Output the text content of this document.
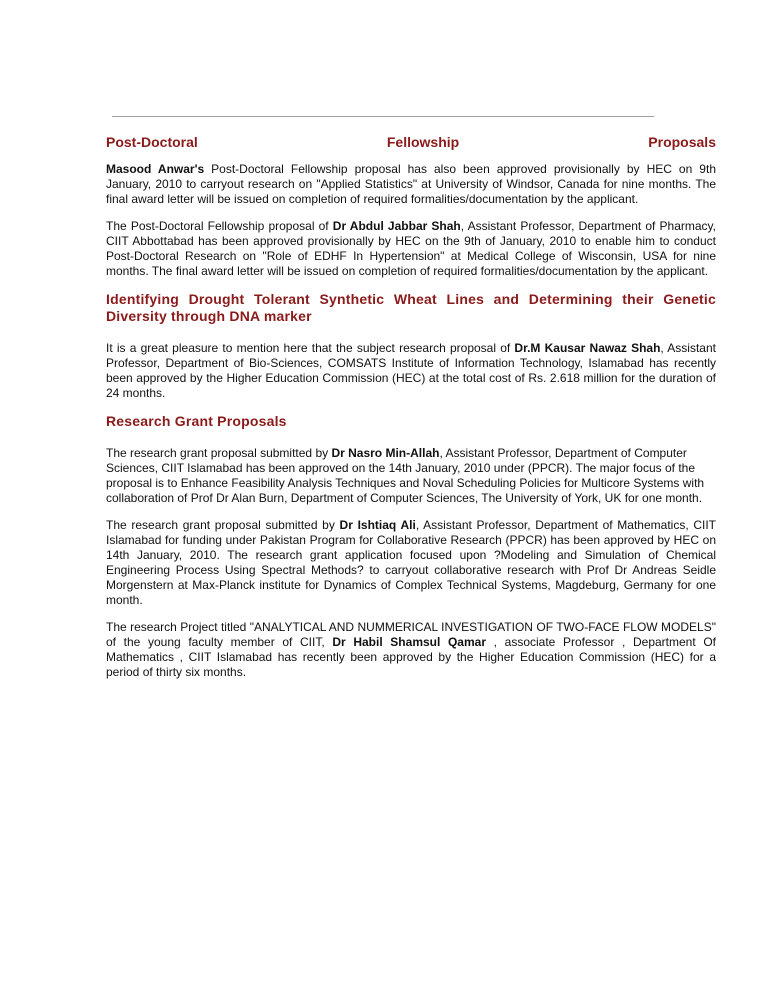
Post-Doctoral	Fellowship	Proposals

Masood Anwar's Post-Doctoral Fellowship proposal has also been approved provisionally by HEC on 9th January, 2010 to carryout research on "Applied Statistics" at University of Windsor, Canada for nine months. The final award letter will be issued on completion of required formalities/documentation by the applicant.

The Post-Doctoral Fellowship proposal of Dr Abdul Jabbar Shah, Assistant Professor, Department of Pharmacy, CIIT Abbottabad has been approved provisionally by HEC on the 9th of January, 2010 to enable him to conduct Post-Doctoral Research on "Role of EDHF In Hypertension" at Medical College of Wisconsin, USA for nine months. The final award letter will be issued on completion of required formalities/documentation by the applicant.

Identifying Drought Tolerant Synthetic Wheat Lines and Determining their Genetic Diversity through DNA marker

It is a great pleasure to mention here that the subject research proposal of Dr.M Kausar Nawaz Shah, Assistant Professor, Department of Bio-Sciences, COMSATS Institute of Information Technology, Islamabad has recently been approved by the Higher Education Commission (HEC) at the total cost of Rs. 2.618 million for the duration of 24 months.

Research Grant Proposals

The research grant proposal submitted by Dr Nasro Min-Allah, Assistant Professor, Department of Computer Sciences, CIIT Islamabad has been approved on the 14th January, 2010 under (PPCR). The major focus of the proposal is to Enhance Feasibility Analysis Techniques and Noval Scheduling Policies for Multicore Systems with collaboration of Prof Dr Alan Burn, Department of Computer Sciences, The University of York, UK for one month.

The research grant proposal submitted by Dr Ishtiaq Ali, Assistant Professor, Department of Mathematics, CIIT Islamabad for funding under Pakistan Program for Collaborative Research (PPCR) has been approved by HEC on 14th January, 2010. The research grant application focused upon ?Modeling and Simulation of Chemical Engineering Process Using Spectral Methods? to carryout collaborative research with Prof Dr Andreas Seidle Morgenstern at Max-Planck institute for Dynamics of Complex Technical Systems, Magdeburg, Germany for one month.

The research Project titled "ANALYTICAL AND NUMMERICAL INVESTIGATION OF TWO-FACE FLOW MODELS" of the young faculty member of CIIT, Dr Habil Shamsul Qamar , associate Professor , Department Of Mathematics , CIIT Islamabad has recently been approved by the Higher Education Commission (HEC) for a period of thirty six months.
